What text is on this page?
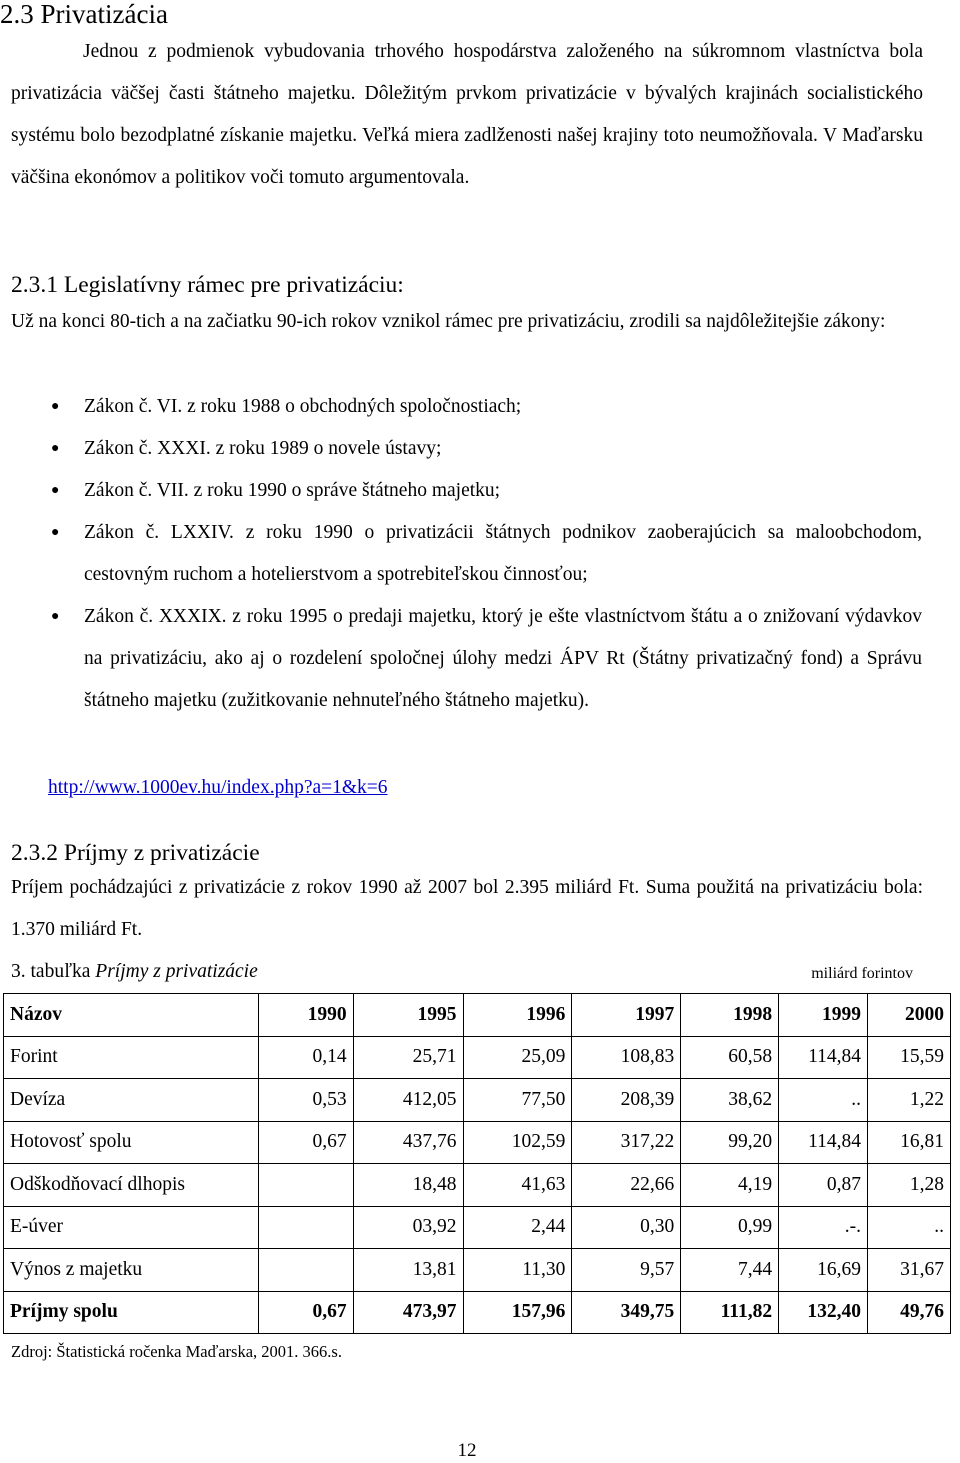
2.3 Privatizácia

Jednou z podmienok vybudovania trhového hospodárstva založeného na súkromnom vlastníctva bola privatizácia väčšej časti štátneho majetku. Dôležitým prvkom privatizácie v bývalých krajinách socialistického systému bolo bezodplatné získanie majetku. Veľká miera zadlženosti našej krajiny toto neumožňovala. V Maďarsku väčšina ekonómov a politikov voči tomuto argumentovala.

2.3.1 Legislatívny rámec pre privatizáciu:

Už na konci 80-tich a na začiatku 90-ich rokov vznikol rámec pre privatizáciu, zrodili sa najdôležitejšie zákony:

● Zákon č. VI. z roku 1988 o obchodných spoločnostiach;
● Zákon č. XXXI. z roku 1989 o novele ústavy;
● Zákon č. VII. z roku 1990 o správe štátneho majetku;
● Zákon č. LXXIV. z roku 1990 o privatizácii štátnych podnikov zaoberajúcich sa maloobchodom, cestovným ruchom a hotelierstvom a spotrebiteľskou činnosťou;
● Zákon č. XXXIX. z roku 1995 o predaji majetku, ktorý je ešte vlastníctvom štátu a o znižovaní výdavkov na privatizáciu, ako aj o rozdelení spoločnej úlohy medzi ÁPV Rt (Štátny privatizačný fond) a Správu štátneho majetku (zužitkovanie nehnuteľného štátneho majetku).
http://www.1000ev.hu/index.php?a=1&k=6
2.3.2 Príjmy z privatizácie

Príjem pochádzajúci z privatizácie z rokov 1990 až 2007 bol 2.395 miliárd Ft. Suma použitá na privatizáciu bola: 1.370 miliárd Ft.

3. tabuľka Príjmy z privatizácie	miliárd forintov
Názov	1990	1995	1996	1997	1998	1999	2000
Forint	0,14	25,71	25,09	108,83	60,58	114,84	15,59
Devíza	0,53	412,05	77,50	208,39	38,62	..	1,22
Hotovosť spolu	0,67	437,76	102,59	317,22	99,20	114,84	16,81
Odškodňovací dlhopis		18,48	41,63	22,66	4,19	0,87	1,28
E-úver		03,92	2,44	0,30	0,99	.-.	..
Výnos z majetku		13,81	11,30	9,57	7,44	16,69	31,67
Príjmy spolu	0,67	473,97	157,96	349,75	111,82	132,40	49,76
Zdroj: Štatistická ročenka Maďarska, 2001. 366.s.
12
